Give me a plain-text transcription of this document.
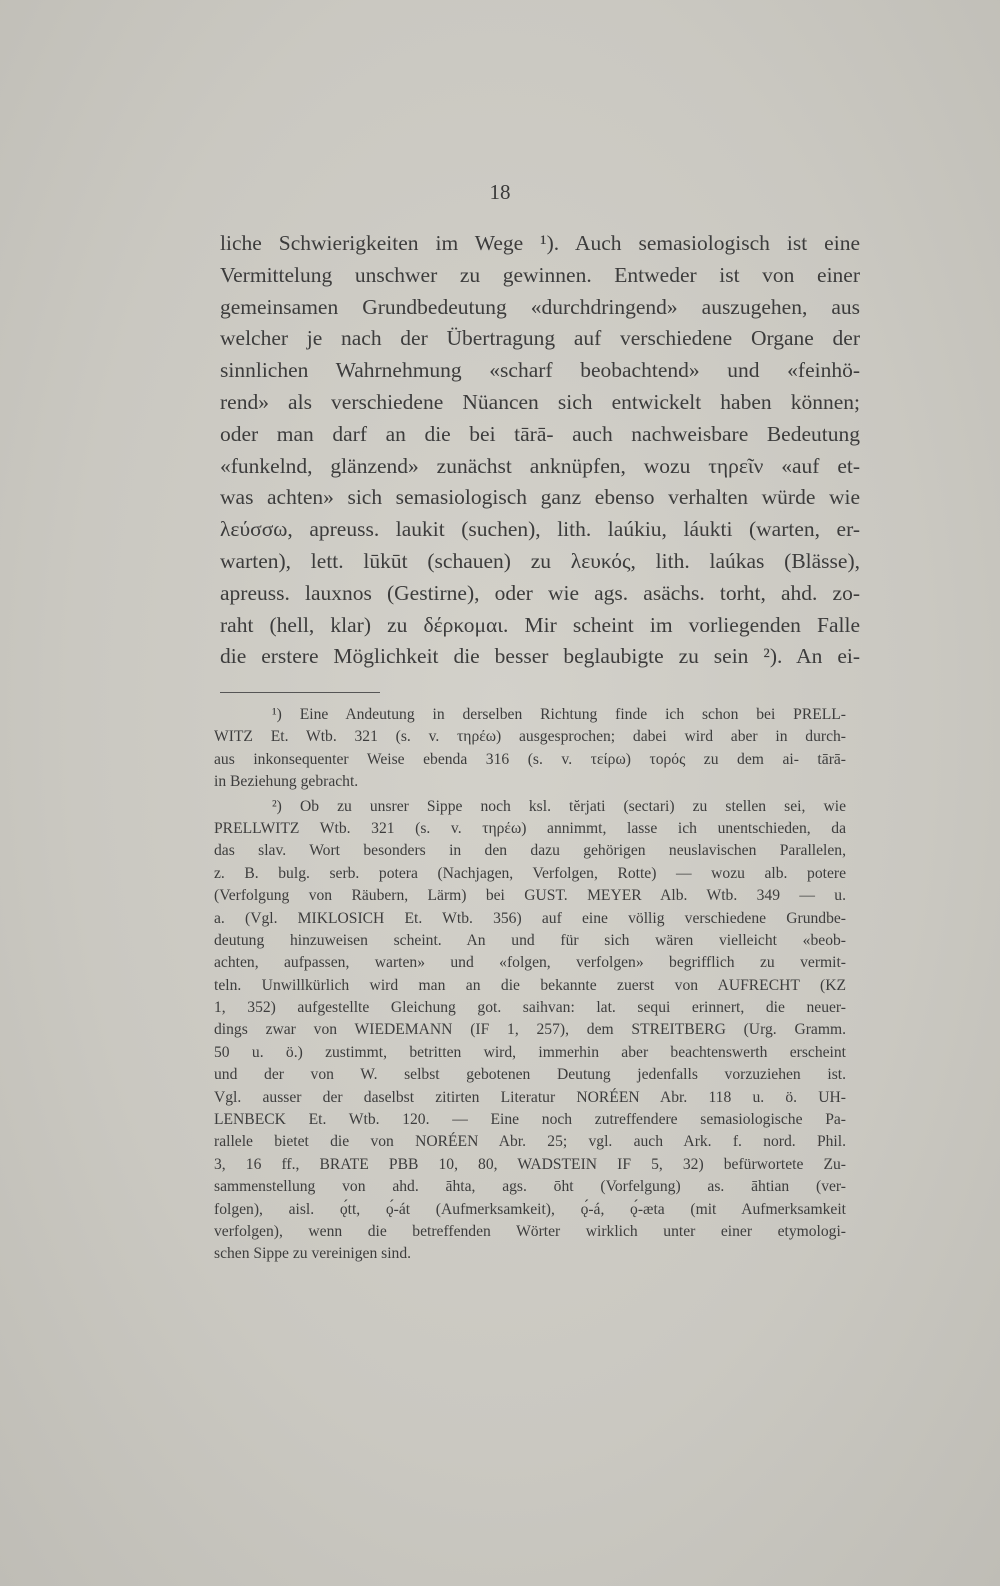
18
liche Schwierigkeiten im Wege ¹). Auch semasiologisch ist eine
Vermittelung unschwer zu gewinnen. Entweder ist von einer
gemeinsamen Grundbedeutung «durchdringend» auszugehen, aus
welcher je nach der Übertragung auf verschiedene Organe der
sinnlichen Wahrnehmung «scharf beobachtend» und «feinhö-
rend» als verschiedene Nüancen sich entwickelt haben können;
oder man darf an die bei tārā- auch nachweisbare Bedeutung
«funkelnd, glänzend» zunächst anknüpfen, wozu τηρεῖν «auf et-
was achten» sich semasiologisch ganz ebenso verhalten würde wie
λεύσσω, apreuss. laukit (suchen), lith. laúkiu, láukti (warten, er-
warten), lett. lūkūt (schauen) zu λευκός, lith. laúkas (Blässe),
apreuss. lauxnos (Gestirne), oder wie ags. asächs. torht, ahd. zo-
raht (hell, klar) zu δέρκομαι. Mir scheint im vorliegenden Falle
die erstere Möglichkeit die besser beglaubigte zu sein ²). An ei-
¹) Eine Andeutung in derselben Richtung finde ich schon bei PRELL-
WITZ Et. Wtb. 321 (s. v. τηρέω) ausgesprochen; dabei wird aber in durch-
aus inkonsequenter Weise ebenda 316 (s. v. τείρω) τορός zu dem ai- tārā-
in Beziehung gebracht.
²) Ob zu unsrer Sippe noch ksl. tĕrjati (sectari) zu stellen sei, wie
PRELLWITZ Wtb. 321 (s. v. τηρέω) annimmt, lasse ich unentschieden, da
das slav. Wort besonders in den dazu gehörigen neuslavischen Parallelen,
z. B. bulg. serb. potera (Nachjagen, Verfolgen, Rotte) — wozu alb. potere
(Verfolgung von Räubern, Lärm) bei GUST. MEYER Alb. Wtb. 349 — u.
a. (Vgl. MIKLOSICH Et. Wtb. 356) auf eine völlig verschiedene Grundbe-
deutung hinzuweisen scheint. An und für sich wären vielleicht «beob-
achten, aufpassen, warten» und «folgen, verfolgen» begrifflich zu vermit-
teln. Unwillkürlich wird man an die bekannte zuerst von AUFRECHT (KZ
1, 352) aufgestellte Gleichung got. saihvan: lat. sequi erinnert, die neuer-
dings zwar von WIEDEMANN (IF 1, 257), dem STREITBERG (Urg. Gramm.
50 u. ö.) zustimmt, betritten wird, immerhin aber beachtenswerth erscheint
und der von W. selbst gebotenen Deutung jedenfalls vorzuziehen ist.
Vgl. ausser der daselbst zitirten Literatur NORÉEN Abr. 118 u. ö. UH-
LENBECK Et. Wtb. 120. — Eine noch zutreffendere semasiologische Pa-
rallele bietet die von NORÉEN Abr. 25; vgl. auch Ark. f. nord. Phil.
3, 16 ff., BRATE PBB 10, 80, WADSTEIN IF 5, 32) befürwortete Zu-
sammenstellung von ahd. āhta, ags. ōht (Vorfelgung) as. āhtian (ver-
folgen), aisl. ǫ́tt, ǫ́-át (Aufmerksamkeit), ǫ́-á, ǫ́-æta (mit Aufmerksamkeit
verfolgen), wenn die betreffenden Wörter wirklich unter einer etymologi-
schen Sippe zu vereinigen sind.
